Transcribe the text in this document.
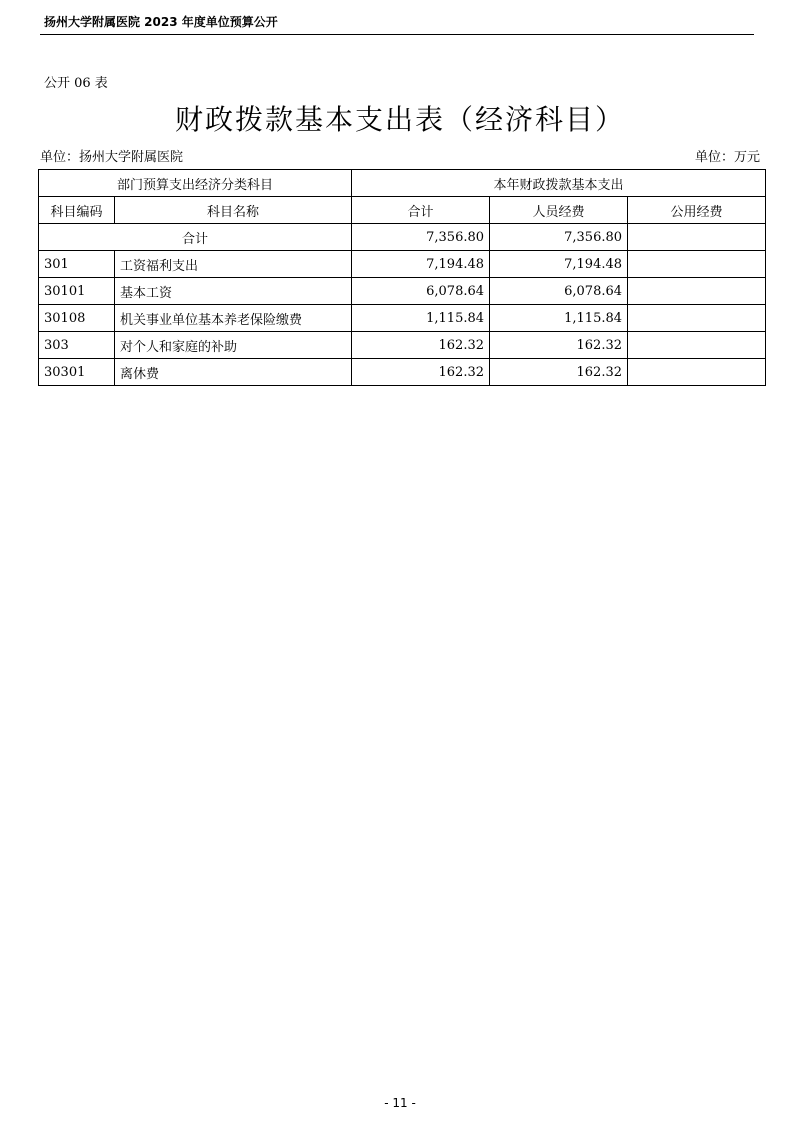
扬州大学附属医院 2023 年度单位预算公开
公开 06 表
财政拨款基本支出表（经济科目）
单位：扬州大学附属医院	单位：万元
部门预算支出经济分类科目		本年财政拨款基本支出		
科目编码	科目名称	合计	人员经费	公用经费
合计		7,356.80	7,356.80	
301	工资福利支出	7,194.48	7,194.48	
30101	基本工资	6,078.64	6,078.64	
30108	机关事业单位基本养老保险缴费	1,115.84	1,115.84	
303	对个人和家庭的补助	162.32	162.32	
30301	离休费	162.32	162.32	
- 11 -
